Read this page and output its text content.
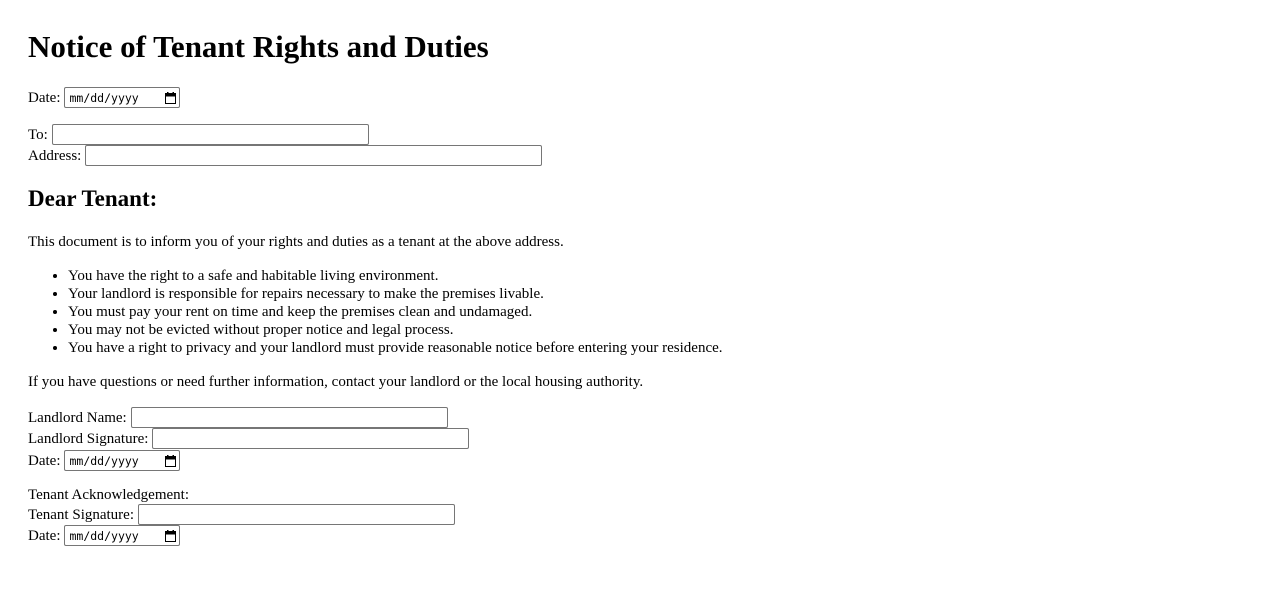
Notice of Tenant Rights and Duties
Date: mm/dd/yyyy
To:
Address:
Dear Tenant:

This document is to inform you of your rights and duties as a tenant at the above address.

• You have the right to a safe and habitable living environment.
• Your landlord is responsible for repairs necessary to make the premises livable.
• You must pay your rent on time and keep the premises clean and undamaged.
• You may not be evicted without proper notice and legal process.
• You have a right to privacy and your landlord must provide reasonable notice before entering your residence.

If you have questions or need further information, contact your landlord or the local housing authority.

Landlord Name:
Landlord Signature:
Date: mm/dd/yyyy

Tenant Acknowledgement:

Tenant Signature:
Date: mm/dd/yyyy
